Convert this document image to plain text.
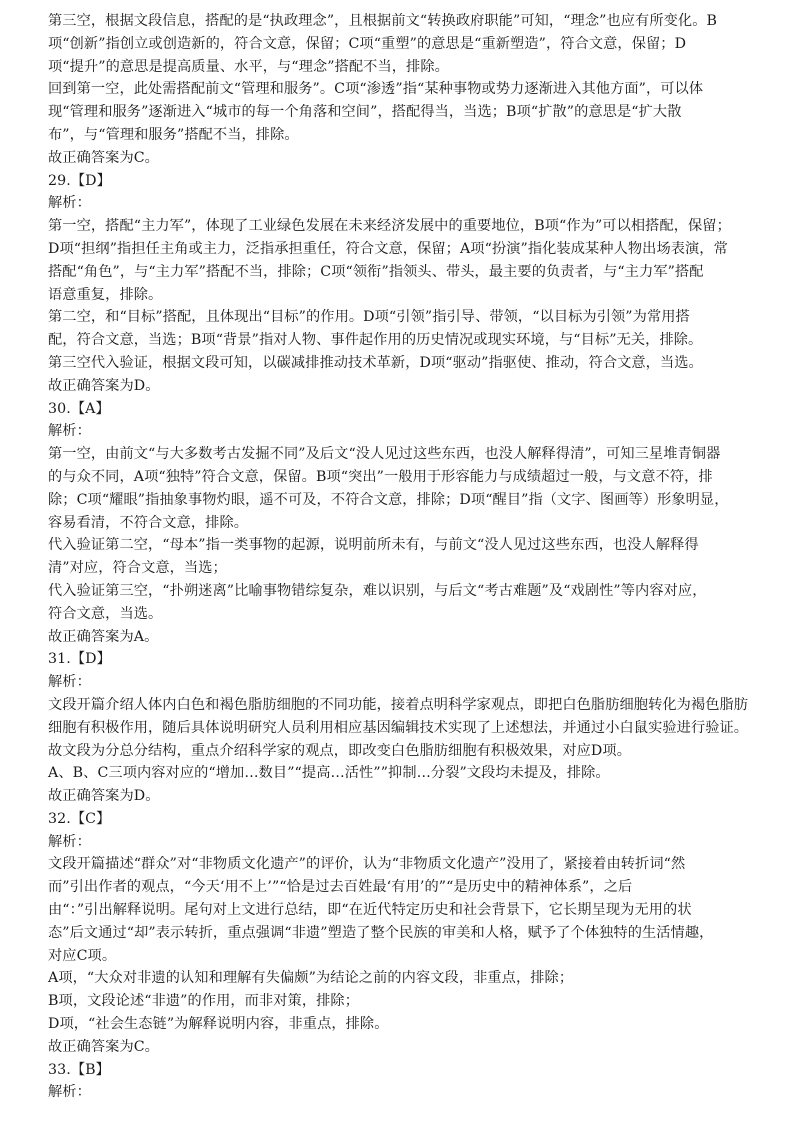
第三空，根据文段信息，搭配的是“执政理念”，且根据前文“转换政府职能”可知，“理念”也应有所变化。B
项“创新”指创立或创造新的，符合文意，保留；C项“重塑”的意思是“重新塑造”，符合文意，保留；D
项“提升”的意思是提高质量、水平，与“理念”搭配不当，排除。
回到第一空，此处需搭配前文“管理和服务”。C项“渗透”指“某种事物或势力逐渐进入其他方面”，可以体
现“管理和服务”逐渐进入“城市的每一个角落和空间”，搭配得当，当选；B项“扩散”的意思是“扩大散
布”，与“管理和服务”搭配不当，排除。
故正确答案为C。
29.【D】
解析：
第一空，搭配“主力军”，体现了工业绿色发展在未来经济发展中的重要地位，B项“作为”可以相搭配，保留；
D项“担纲”指担任主角或主力，泛指承担重任，符合文意，保留；A项“扮演”指化装成某种人物出场表演，常
搭配“角色”，与“主力军”搭配不当，排除；C项“领衔”指领头、带头，最主要的负责者，与“主力军”搭配
语意重复，排除。
第二空，和“目标”搭配，且体现出“目标”的作用。D项“引领”指引导、带领，“以目标为引领”为常用搭
配，符合文意，当选；B项“背景”指对人物、事件起作用的历史情况或现实环境，与“目标”无关，排除。
第三空代入验证，根据文段可知，以碳减排推动技术革新，D项“驱动”指驱使、推动，符合文意，当选。
故正确答案为D。
30.【A】
解析：
第一空，由前文“与大多数考古发掘不同”及后文“没人见过这些东西，也没人解释得清”，可知三星堆青铜器
的与众不同，A项“独特”符合文意，保留。B项“突出”一般用于形容能力与成绩超过一般，与文意不符，排
除；C项“耀眼”指抽象事物灼眼，遥不可及，不符合文意，排除；D项“醒目”指（文字、图画等）形象明显，
容易看清，不符合文意，排除。
代入验证第二空，“母本”指一类事物的起源，说明前所未有，与前文“没人见过这些东西，也没人解释得
清”对应，符合文意，当选；
代入验证第三空，“扑朔迷离”比喻事物错综复杂，难以识别，与后文“考古难题”及“戏剧性”等内容对应，
符合文意，当选。
故正确答案为A。
31.【D】
解析：
文段开篇介绍人体内白色和褐色脂肪细胞的不同功能，接着点明科学家观点，即把白色脂肪细胞转化为褐色脂肪
细胞有积极作用，随后具体说明研究人员利用相应基因编辑技术实现了上述想法，并通过小白鼠实验进行验证。
故文段为分总分结构，重点介绍科学家的观点，即改变白色脂肪细胞有积极效果，对应D项。
A、B、C三项内容对应的“增加…数目”“提高…活性””抑制…分裂”文段均未提及，排除。
故正确答案为D。
32.【C】
解析：
文段开篇描述“群众”对“非物质文化遗产”的评价，认为“非物质文化遗产”没用了，紧接着由转折词“然
而”引出作者的观点，“今天‘用不上’”“恰是过去百姓最‘有用’的”“是历史中的精神体系”，之后
由“：”引出解释说明。尾句对上文进行总结，即“在近代特定历史和社会背景下，它长期呈现为无用的状
态”后文通过“却”表示转折，重点强调“非遗”塑造了整个民族的审美和人格，赋予了个体独特的生活情趣，
对应C项。
A项，“大众对非遗的认知和理解有失偏颇”为结论之前的内容文段，非重点，排除；
B项，文段论述“非遗”的作用，而非对策，排除；
D项，“社会生态链”为解释说明内容，非重点，排除。
故正确答案为C。
33.【B】
解析：
